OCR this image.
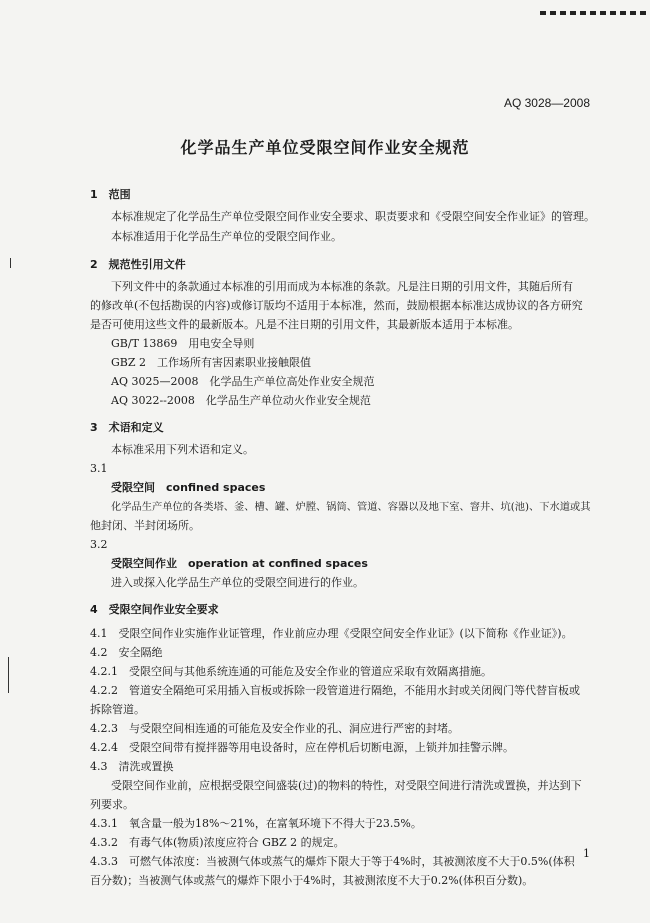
AQ 3028—2008
化学品生产单位受限空间作业安全规范
1　范围
本标准规定了化学品生产单位受限空间作业安全要求、职责要求和《受限空间安全作业证》的管理。
本标准适用于化学品生产单位的受限空间作业。
2　规范性引用文件
下列文件中的条款通过本标准的引用而成为本标准的条款。凡是注日期的引用文件，其随后所有
的修改单(不包括勘误的内容)或修订版均不适用于本标准，然而，鼓励根据本标准达成协议的各方研究
是否可使用这些文件的最新版本。凡是不注日期的引用文件，其最新版本适用于本标准。
GB/T 13869　用电安全导则
GBZ 2　工作场所有害因素职业接触限值
AQ 3025—2008　化学品生产单位高处作业安全规范
AQ 3022--2008　化学品生产单位动火作业安全规范
3　术语和定义
本标准采用下列术语和定义。
3.1
受限空间　confined spaces
化学品生产单位的各类塔、釜、槽、罐、炉膛、锅筒、管道、容器以及地下室、窨井、坑(池)、下水道或其
他封闭、半封闭场所。
3.2
受限空间作业　operation at confined spaces
进入或探入化学品生产单位的受限空间进行的作业。
4　受限空间作业安全要求
4.1　受限空间作业实施作业证管理，作业前应办理《受限空间安全作业证》(以下简称《作业证》)。
4.2　安全隔绝
4.2.1　受限空间与其他系统连通的可能危及安全作业的管道应采取有效隔离措施。
4.2.2　管道安全隔绝可采用插入盲板或拆除一段管道进行隔绝，不能用水封或关闭阀门等代替盲板或
拆除管道。
4.2.3　与受限空间相连通的可能危及安全作业的孔、洞应进行严密的封堵。
4.2.4　受限空间带有搅拌器等用电设备时，应在停机后切断电源，上锁并加挂警示牌。
4.3　清洗或置换
受限空间作业前，应根据受限空间盛装(过)的物料的特性，对受限空间进行清洗或置换，并达到下
列要求。
4.3.1　氧含量一般为18%～21%，在富氧环境下不得大于23.5%。
4.3.2　有毒气体(物质)浓度应符合 GBZ 2 的规定。
4.3.3　可燃气体浓度：当被测气体或蒸气的爆炸下限大于等于4%时，其被测浓度不大于0.5%(体积
百分数)；当被测气体或蒸气的爆炸下限小于4%时，其被测浓度不大于0.2%(体积百分数)。
1
